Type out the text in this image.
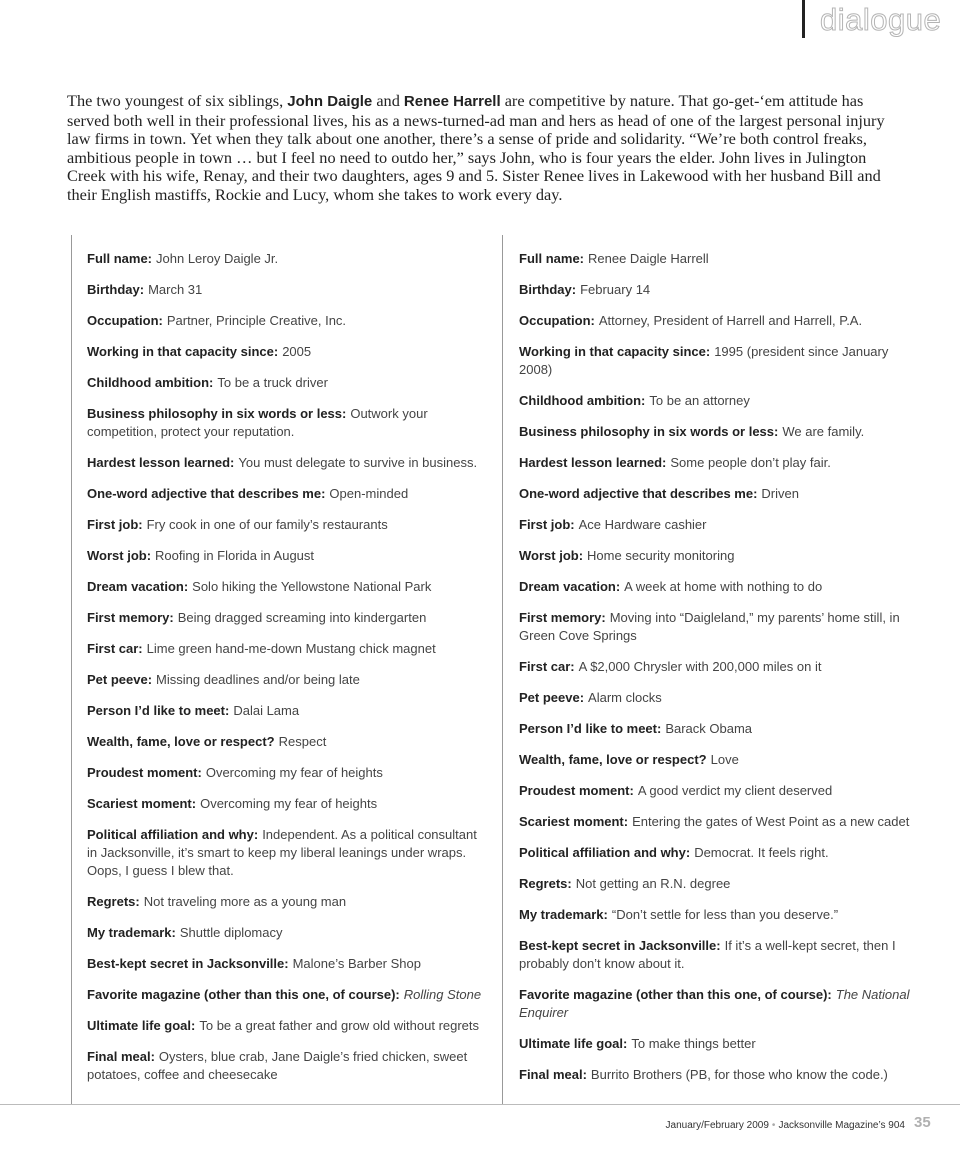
dialogue

The two youngest of six siblings, John Daigle and Renee Harrell are competitive by nature. That go-get-‘em attitude has served both well in their professional lives, his as a news-turned-ad man and hers as head of one of the largest personal injury law firms in town. Yet when they talk about one another, there’s a sense of pride and solidarity. “We’re both control freaks, ambitious people in town … but I feel no need to outdo her,” says John, who is four years the elder. John lives in Julington Creek with his wife, Renay, and their two daughters, ages 9 and 5. Sister Renee lives in Lakewood with her husband Bill and their English mastiffs, Rockie and Lucy, whom she takes to work every day.

Full name: John Leroy Daigle Jr.

Birthday: March 31

Occupation: Partner, Principle Creative, Inc.

Working in that capacity since: 2005

Childhood ambition: To be a truck driver

Business philosophy in six words or less: Outwork your competition, protect your reputation.

Hardest lesson learned: You must delegate to survive in business.

One-word adjective that describes me: Open-minded

First job: Fry cook in one of our family’s restaurants

Worst job: Roofing in Florida in August

Dream vacation: Solo hiking the Yellowstone National Park

First memory: Being dragged screaming into kindergarten

First car: Lime green hand-me-down Mustang chick magnet

Pet peeve: Missing deadlines and/or being late

Person I’d like to meet: Dalai Lama

Wealth, fame, love or respect? Respect

Proudest moment: Overcoming my fear of heights

Scariest moment: Overcoming my fear of heights

Political affiliation and why: Independent. As a political consultant in Jacksonville, it’s smart to keep my liberal leanings under wraps. Oops, I guess I blew that.

Regrets: Not traveling more as a young man

My trademark: Shuttle diplomacy

Best-kept secret in Jacksonville: Malone’s Barber Shop

Favorite magazine (other than this one, of course): Rolling Stone

Ultimate life goal: To be a great father and grow old without regrets

Final meal: Oysters, blue crab, Jane Daigle’s fried chicken, sweet potatoes, coffee and cheesecake

Full name: Renee Daigle Harrell

Birthday: February 14

Occupation: Attorney, President of Harrell and Harrell, P.A.

Working in that capacity since: 1995 (president since January 2008)

Childhood ambition: To be an attorney

Business philosophy in six words or less: We are family.

Hardest lesson learned: Some people don’t play fair.

One-word adjective that describes me: Driven

First job: Ace Hardware cashier

Worst job: Home security monitoring

Dream vacation: A week at home with nothing to do

First memory: Moving into “Daigleland,” my parents’ home still, in Green Cove Springs

First car: A $2,000 Chrysler with 200,000 miles on it

Pet peeve: Alarm clocks

Person I’d like to meet: Barack Obama

Wealth, fame, love or respect? Love

Proudest moment: A good verdict my client deserved

Scariest moment: Entering the gates of West Point as a new cadet

Political affiliation and why: Democrat. It feels right.

Regrets: Not getting an R.N. degree

My trademark: “Don’t settle for less than you deserve.”

Best-kept secret in Jacksonville: If it’s a well-kept secret, then I probably don’t know about it.

Favorite magazine (other than this one, of course): The National Enquirer

Ultimate life goal: To make things better

Final meal: Burrito Brothers (PB, for those who know the code.)

January/February 2009 • Jacksonville Magazine’s 904 35
